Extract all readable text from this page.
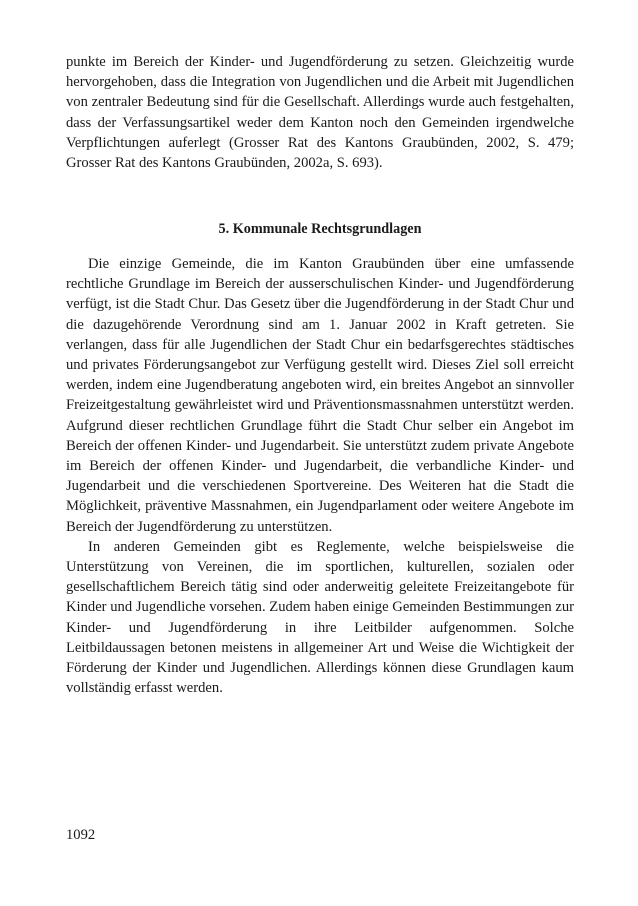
punkte im Bereich der Kinder- und Jugendförderung zu setzen. Gleichzeitig wurde hervorgehoben, dass die Integration von Jugendlichen und die Arbeit mit Jugendlichen von zentraler Bedeutung sind für die Gesellschaft. Allerdings wurde auch festgehalten, dass der Verfassungsartikel weder dem Kanton noch den Gemeinden irgendwelche Verpflichtungen auferlegt (Grosser Rat des Kantons Graubünden, 2002, S. 479; Grosser Rat des Kantons Graubünden, 2002a, S. 693).

5. Kommunale Rechtsgrundlagen

Die einzige Gemeinde, die im Kanton Graubünden über eine umfassende rechtliche Grundlage im Bereich der ausserschulischen Kinder- und Jugendförderung verfügt, ist die Stadt Chur. Das Gesetz über die Jugendförderung in der Stadt Chur und die dazugehörende Verordnung sind am 1. Januar 2002 in Kraft getreten. Sie verlangen, dass für alle Jugendlichen der Stadt Chur ein bedarfsgerechtes städtisches und privates Förderungsangebot zur Verfügung gestellt wird. Dieses Ziel soll erreicht werden, indem eine Jugendberatung angeboten wird, ein breites Angebot an sinnvoller Freizeitgestaltung gewährleistet wird und Präventionsmassnahmen unterstützt werden. Aufgrund dieser rechtlichen Grundlage führt die Stadt Chur selber ein Angebot im Bereich der offenen Kinder- und Jugendarbeit. Sie unterstützt zudem private Angebote im Bereich der offenen Kinder- und Jugendarbeit, die verbandliche Kinder- und Jugendarbeit und die verschiedenen Sportvereine. Des Weiteren hat die Stadt die Möglichkeit, präventive Massnahmen, ein Jugendparlament oder weitere Angebote im Bereich der Jugendförderung zu unterstützen.

In anderen Gemeinden gibt es Reglemente, welche beispielsweise die Unterstützung von Vereinen, die im sportlichen, kulturellen, sozialen oder gesellschaftlichem Bereich tätig sind oder anderweitig geleitete Freizeitangebote für Kinder und Jugendliche vorsehen. Zudem haben einige Gemeinden Bestimmungen zur Kinder- und Jugendförderung in ihre Leitbilder aufgenommen. Solche Leitbildaussagen betonen meistens in allgemeiner Art und Weise die Wichtigkeit der Förderung der Kinder und Jugendlichen. Allerdings können diese Grundlagen kaum vollständig erfasst werden.

1092
